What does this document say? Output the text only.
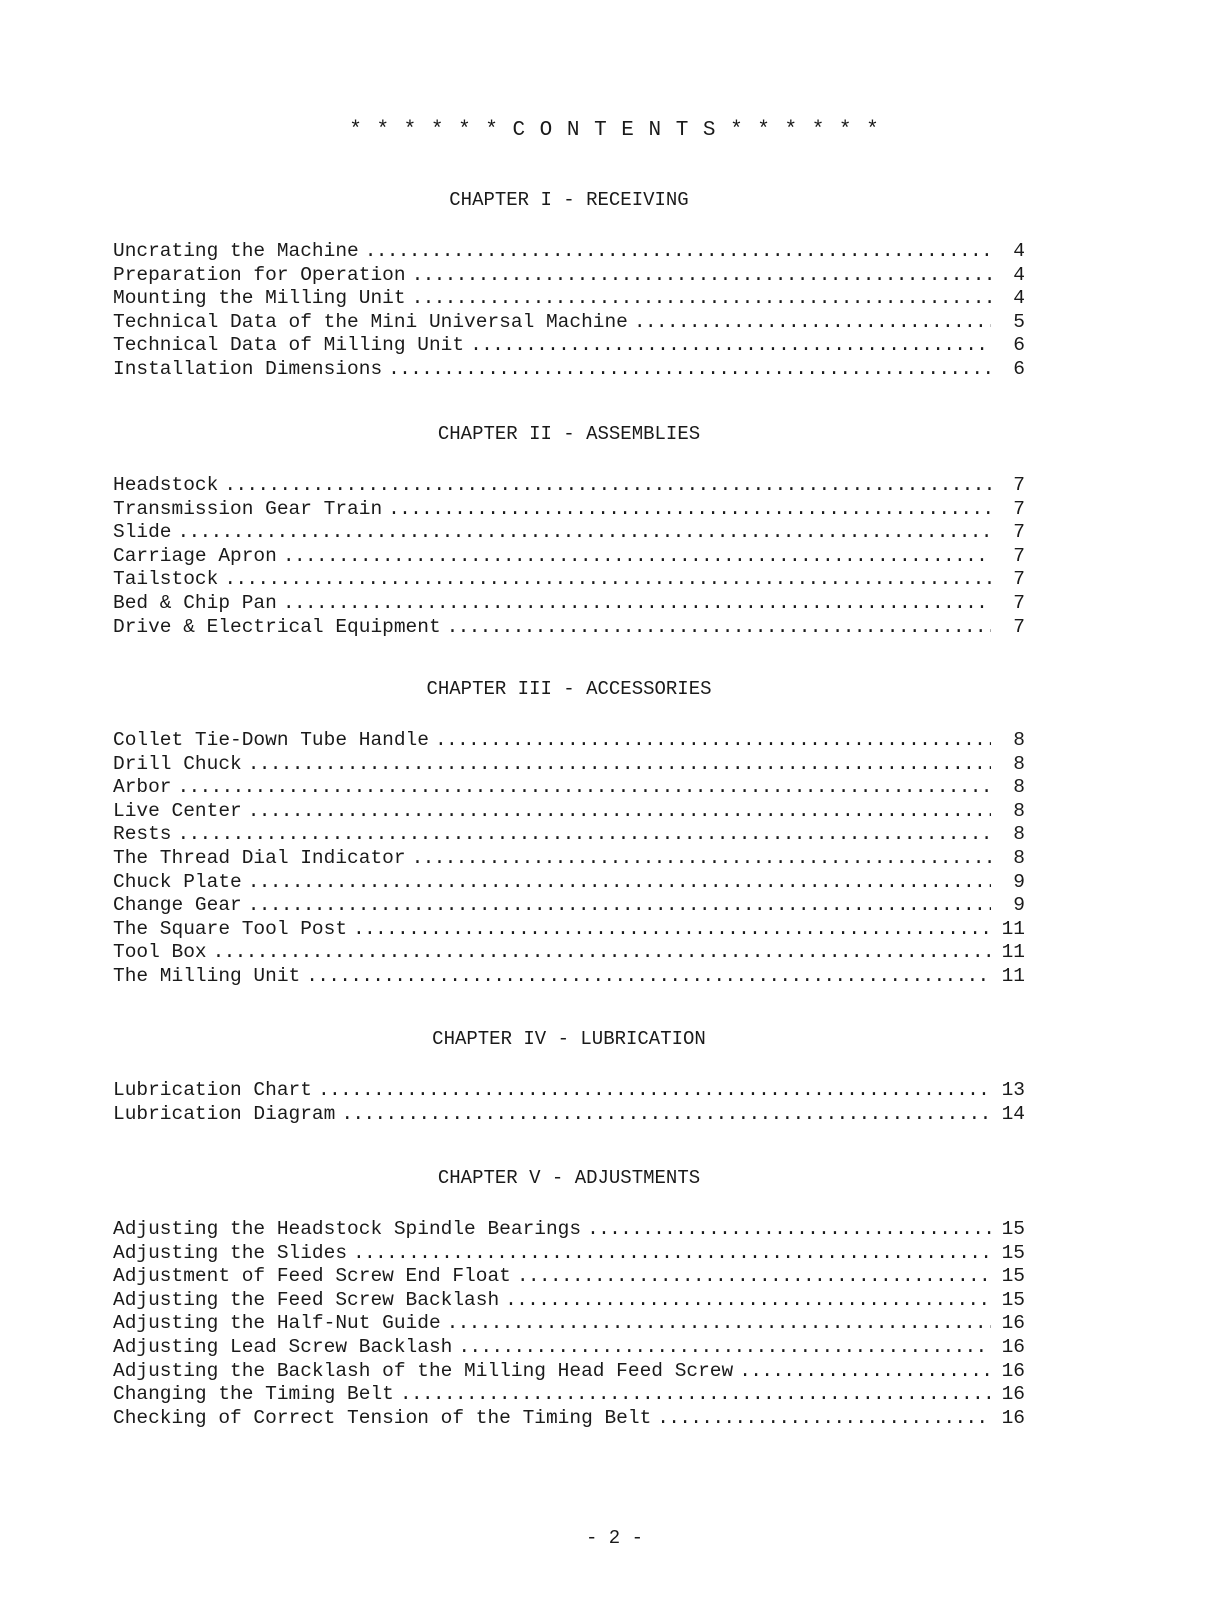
* * * * * * C O N T E N T S * * * * * *
CHAPTER I - RECEIVING
Uncrating the Machine . . .	4
Preparation for Operation . . .	4
Mounting the Milling Unit . . .	4
Technical Data of the Mini Universal Machine . . .	5
Technical Data of Milling Unit . . .	6
Installation Dimensions . . .	6
CHAPTER II - ASSEMBLIES
Headstock . . .	7
Transmission Gear Train . . .	7
Slide . . .	7
Carriage Apron . . .	7
Tailstock . . .	7
Bed & Chip Pan . . .	7
Drive & Electrical Equipment . . .	7
CHAPTER III - ACCESSORIES
Collet Tie-Down Tube Handle . . .	8
Drill Chuck . . .	8
Arbor . . .	8
Live Center . . .	8
Rests . . .	8
The Thread Dial Indicator . . .	8
Chuck Plate . . .	9
Change Gear . . .	9
The Square Tool Post . . .	11
Tool Box . . .	11
The Milling Unit . . .	11
CHAPTER IV - LUBRICATION
Lubrication Chart . . .	13
Lubrication Diagram . . .	14
CHAPTER V - ADJUSTMENTS
Adjusting the Headstock Spindle Bearings . . .	15
Adjusting the Slides . . .	15
Adjustment of Feed Screw End Float . . .	15
Adjusting the Feed Screw Backlash . . .	15
Adjusting the Half-Nut Guide . . .	16
Adjusting Lead Screw Backlash . . .	16
Adjusting the Backlash of the Milling Head Feed Screw . . .	16
Changing the Timing Belt . . .	16
Checking of Correct Tension of the Timing Belt . . .	16
- 2 -
